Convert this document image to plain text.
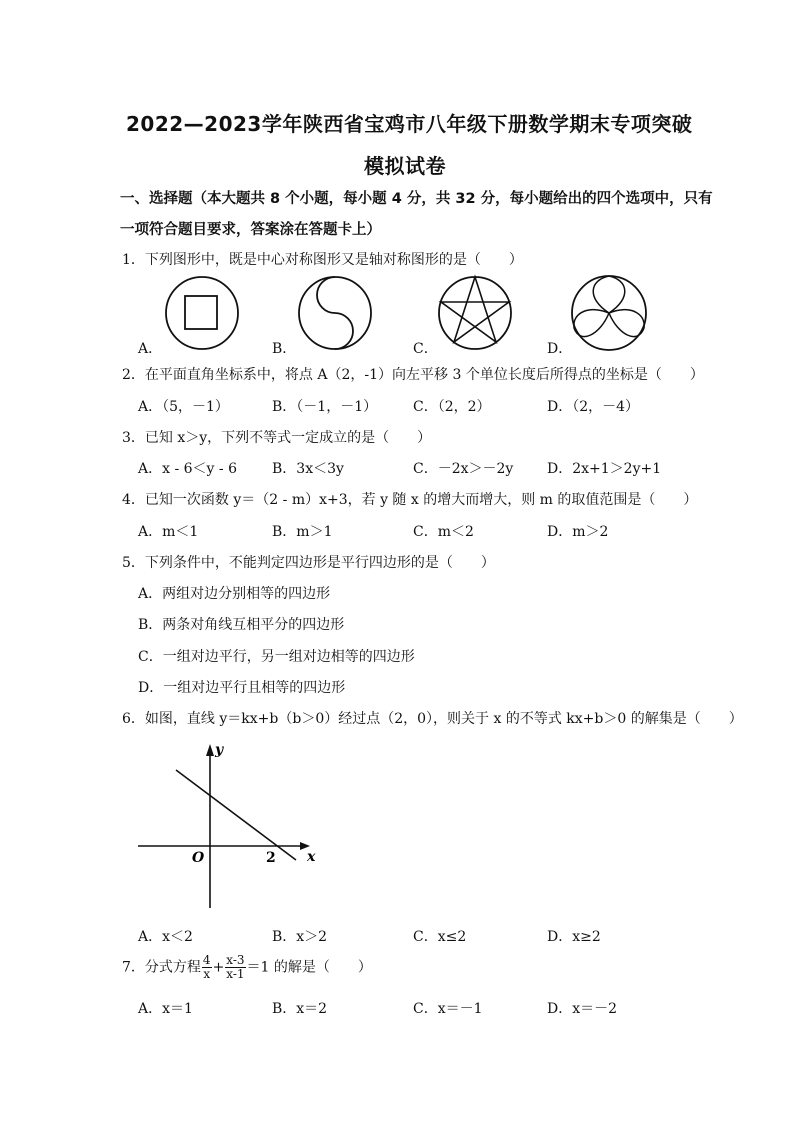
2022—2023学年陕西省宝鸡市八年级下册数学期末专项突破
模拟试卷
一、选择题（本大题共 8 个小题，每小题 4 分，共 32 分，每小题给出的四个选项中，只有
一项符合题目要求，答案涂在答题卡上）
1．下列图形中，既是中心对称图形又是轴对称图形的是（　　）
A．	B．	C．	D．
2．在平面直角坐标系中，将点 A（2，-1）向左平移 3 个单位长度后所得点的坐标是（　　）
A．（5，－1）	B．（－1，－1）	C．（2，2）	D．（2，－4）
3．已知 x＞y，下列不等式一定成立的是（　　）
A．x - 6＜y - 6	B．3x＜3y	C．－2x＞－2y D．2x+1＞2y+1
4．已知一次函数 y＝（2 - m）x+3，若 y 随 x 的增大而增大，则 m 的取值范围是（　　）
A．m＜1	B．m＞1	C．m＜2	D．m＞2
5．下列条件中，不能判定四边形是平行四边形的是（　　）
A．两组对边分别相等的四边形
B．两条对角线互相平分的四边形
C．一组对边平行，另一组对边相等的四边形
D．一组对边平行且相等的四边形
6．如图，直线 y＝kx+b（b＞0）经过点（2，0），则关于 x 的不等式 kx+b＞0 的解集是（　　）
y
x
O	2
A．x＜2	B．x＞2	C．x≤2	D．x≥2
7．分式方程 $\frac{4}{x} + \frac{x-3}{x-1} =1$ 的解是（　　）
A．x＝1	B．x＝2	C．x＝－1	D．x＝－2
